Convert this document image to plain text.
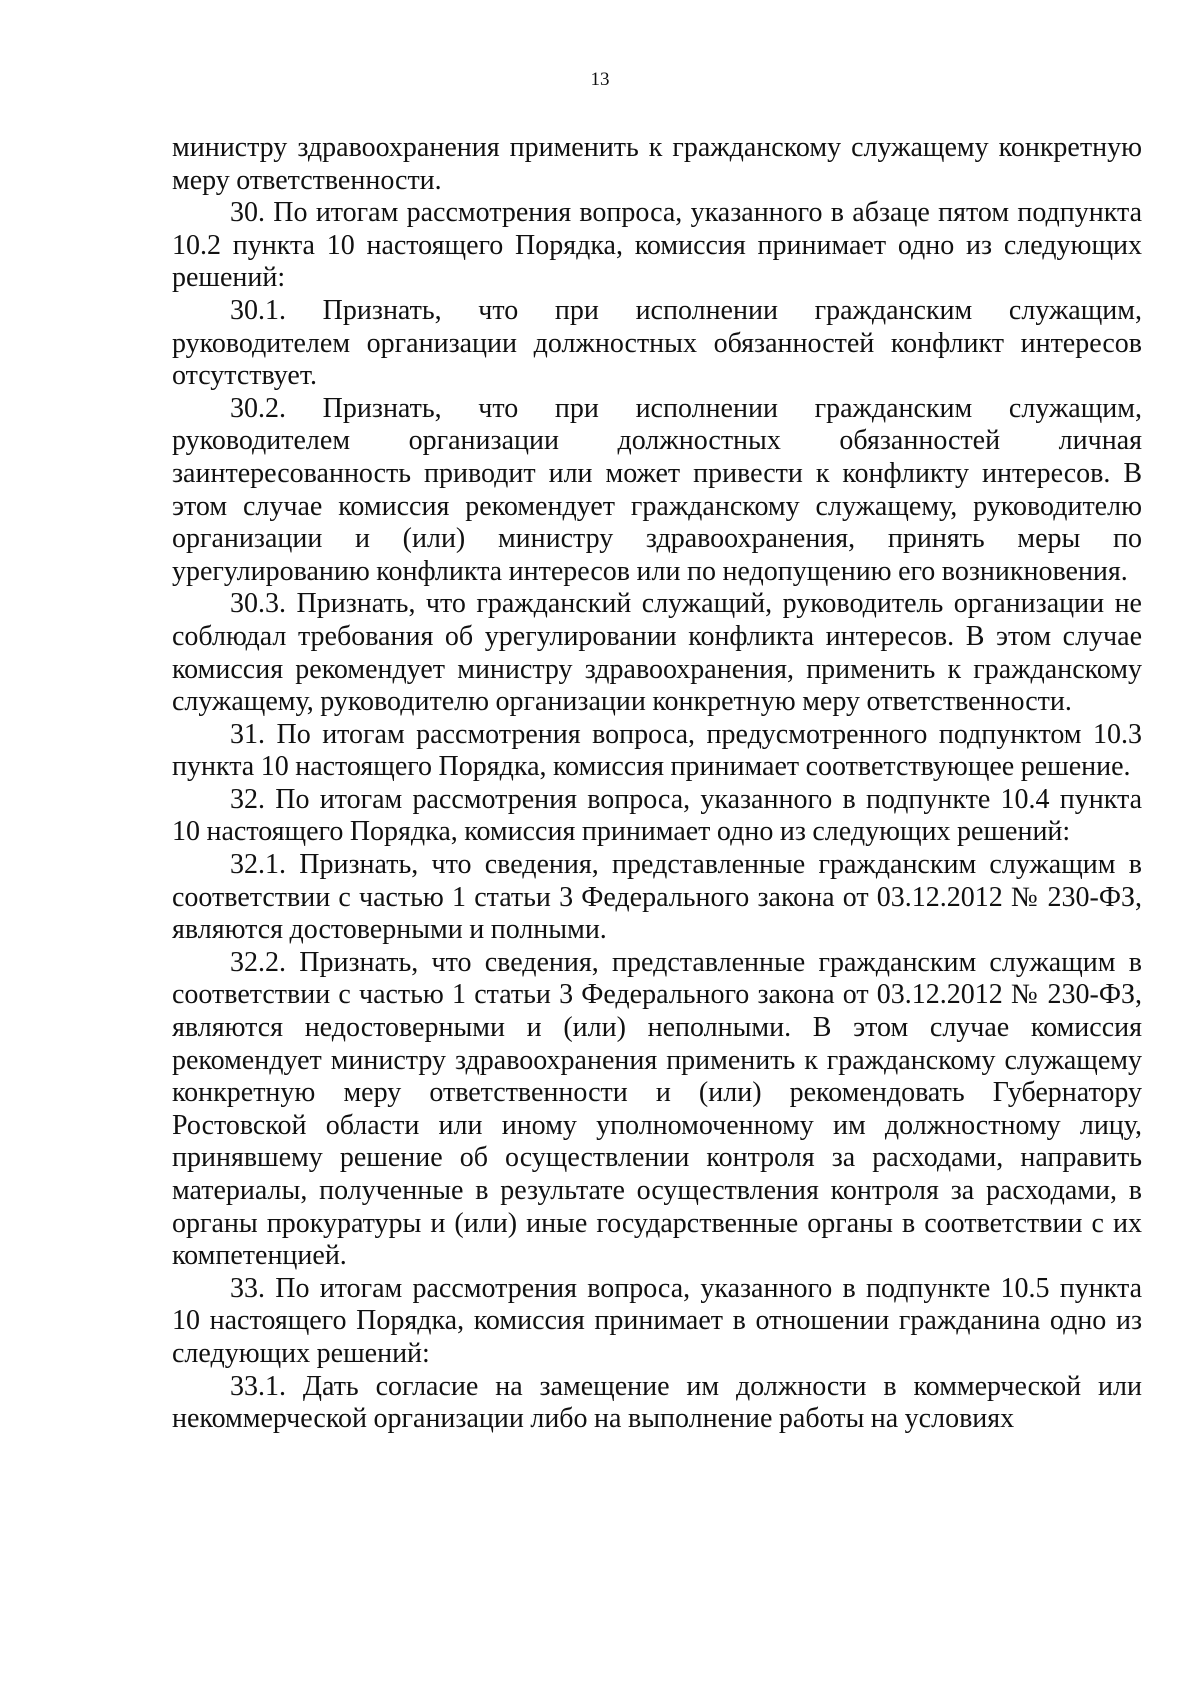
13

министру здравоохранения применить к гражданскому служащему конкретную меру ответственности.

30. По итогам рассмотрения вопроса, указанного в абзаце пятом подпункта 10.2 пункта 10 настоящего Порядка, комиссия принимает одно из следующих решений:

30.1. Признать, что при исполнении гражданским служащим, руководителем организации должностных обязанностей конфликт интересов отсутствует.

30.2. Признать, что при исполнении гражданским служащим, руководителем организации должностных обязанностей личная заинтересованность приводит или может привести к конфликту интересов. В этом случае комиссия рекомендует гражданскому служащему, руководителю организации и (или) министру здравоохранения, принять меры по урегулированию конфликта интересов или по недопущению его возникновения.

30.3. Признать, что гражданский служащий, руководитель организации не соблюдал требования об урегулировании конфликта интересов. В этом случае комиссия рекомендует министру здравоохранения, применить к гражданскому служащему, руководителю организации конкретную меру ответственности.

31. По итогам рассмотрения вопроса, предусмотренного подпунктом 10.3 пункта 10 настоящего Порядка, комиссия принимает соответствующее решение.

32. По итогам рассмотрения вопроса, указанного в подпункте 10.4 пункта 10 настоящего Порядка, комиссия принимает одно из следующих решений:

32.1. Признать, что сведения, представленные гражданским служащим в соответствии с частью 1 статьи 3 Федерального закона от 03.12.2012 № 230-ФЗ, являются достоверными и полными.

32.2. Признать, что сведения, представленные гражданским служащим в соответствии с частью 1 статьи 3 Федерального закона от 03.12.2012 № 230-ФЗ, являются недостоверными и (или) неполными. В этом случае комиссия рекомендует министру здравоохранения применить к гражданскому служащему конкретную меру ответственности и (или) рекомендовать Губернатору Ростовской области или иному уполномоченному им должностному лицу, принявшему решение об осуществлении контроля за расходами, направить материалы, полученные в результате осуществления контроля за расходами, в органы прокуратуры и (или) иные государственные органы в соответствии с их компетенцией.

33. По итогам рассмотрения вопроса, указанного в подпункте 10.5 пункта 10 настоящего Порядка, комиссия принимает в отношении гражданина одно из следующих решений:

33.1. Дать согласие на замещение им должности в коммерческой или некоммерческой организации либо на выполнение работы на условиях
